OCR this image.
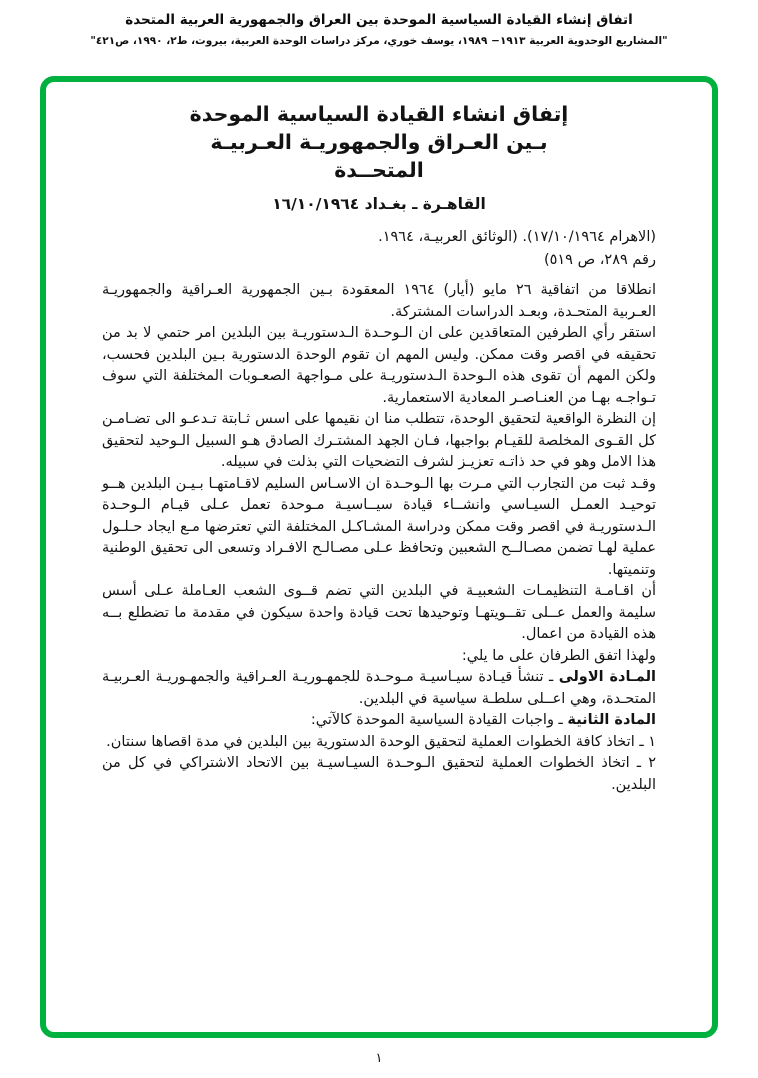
اتفاق إنشاء القيادة السياسية الموحدة بين العراق والجمهورية العربية المتحدة
"المشاريع الوحدوية العربية ١٩١٣− ١٩٨٩، يوسف خوري، مركز دراسات الوحدة العربية، بيروت، ط٢، ١٩٩٠، ص٤٢١"
إتفاق انشاء القيادة السياسية الموحدة
بـين العـراق والجمهوريـة العـربيـة
المتحــدة
القاهـرة ـ بغـداد ١٦/١٠/١٩٦٤
(الاهرام ١٧/١٠/١٩٦٤). (الوثائق العربيـة، ١٩٦٤.
رقم ٢٨٩، ص ٥١٩)

انطلاقا من اتفاقية ٢٦ مايو (أيار) ١٩٦٤ المعقودة بـين الجمهورية العـراقية والجمهوريـة العـربية المتحـدة، وبعـد الدراسات المشتركة.

استقر رأي الطرفين المتعاقدين على ان الـوحـدة الـدستوريـة بين البلدين امر حتمي لا بد من تحقيقه في اقصر وقت ممكن. وليس المهم ان تقوم الوحدة الدستورية بـين البلدين فحسب، ولكن المهم أن تقوى هذه الـوحدة الـدستوريـة على مـواجهة الصعـوبات المختلفة التي سوف تـواجـه بهـا من العنـاصـر المعادية الاستعمارية.

إن النظرة الواقعية لتحقيق الوحدة، تتطلب منا ان نقيمها على اسس ثـابتة تـدعـو الى تضـامـن كل القـوى المخلصة للقيـام بواجبها، فـان الجهد المشتـرك الصادق هـو السبيل الـوحيد لتحقيق هذا الامل وهو في حد ذاتـه تعزيـز لشرف التضحيات التي بذلت في سبيله.

وقـد ثبت من التجارب التي مـرت بها الـوحـدة ان الاسـاس السليم لاقـامتهـا بـيـن البلدين هــو توحيـد العمـل السيـاسي وانشــاء قيادة سيــاسيـة مـوحدة تعمل عـلى قيـام الـوحـدة الـدستوريـة في اقصر وقت ممكن ودراسة المشـاكـل المختلفة التي تعترضها مـع ايجاد حـلـول عملية لهـا تضمن مصـالــح الشعبين وتحافظ عـلى مصـالـح الافـراد وتسعى الى تحقيق الوطنية وتنميتها.

أن اقـامـة التنظيمـات الشعبيـة في البلدين التي تضم قــوى الشعب العـاملة عـلى أسس سليمة والعمل عــلى تقــويتهـا وتوحيدها تحت قيادة واحدة سيكون في مقدمة ما تضطلع بــه هذه القيادة من اعمال.

ولهذا اتفق الطرفان على ما يلي:

المـادة الاولى ـ تنشأ قيـادة سيـاسيـة مـوحـدة للجمهـوريـة العـراقية والجمهـوريـة العـربيـة المتحـدة، وهي اعــلى سلطـة سياسية في البلدين.

المادة الثانية ـ واجبات القيادة السياسية الموحدة كالآتي:

١ ـ اتخاذ كافة الخطوات العملية لتحقيق الوحدة الدستورية بين البلدين في مدة اقصاها سنتان.

٢ ـ اتخاذ الخطوات العملية لتحقيق الـوحـدة السيـاسيـة بين الاتحاد الاشتراكي في كل من البلدين.

١
